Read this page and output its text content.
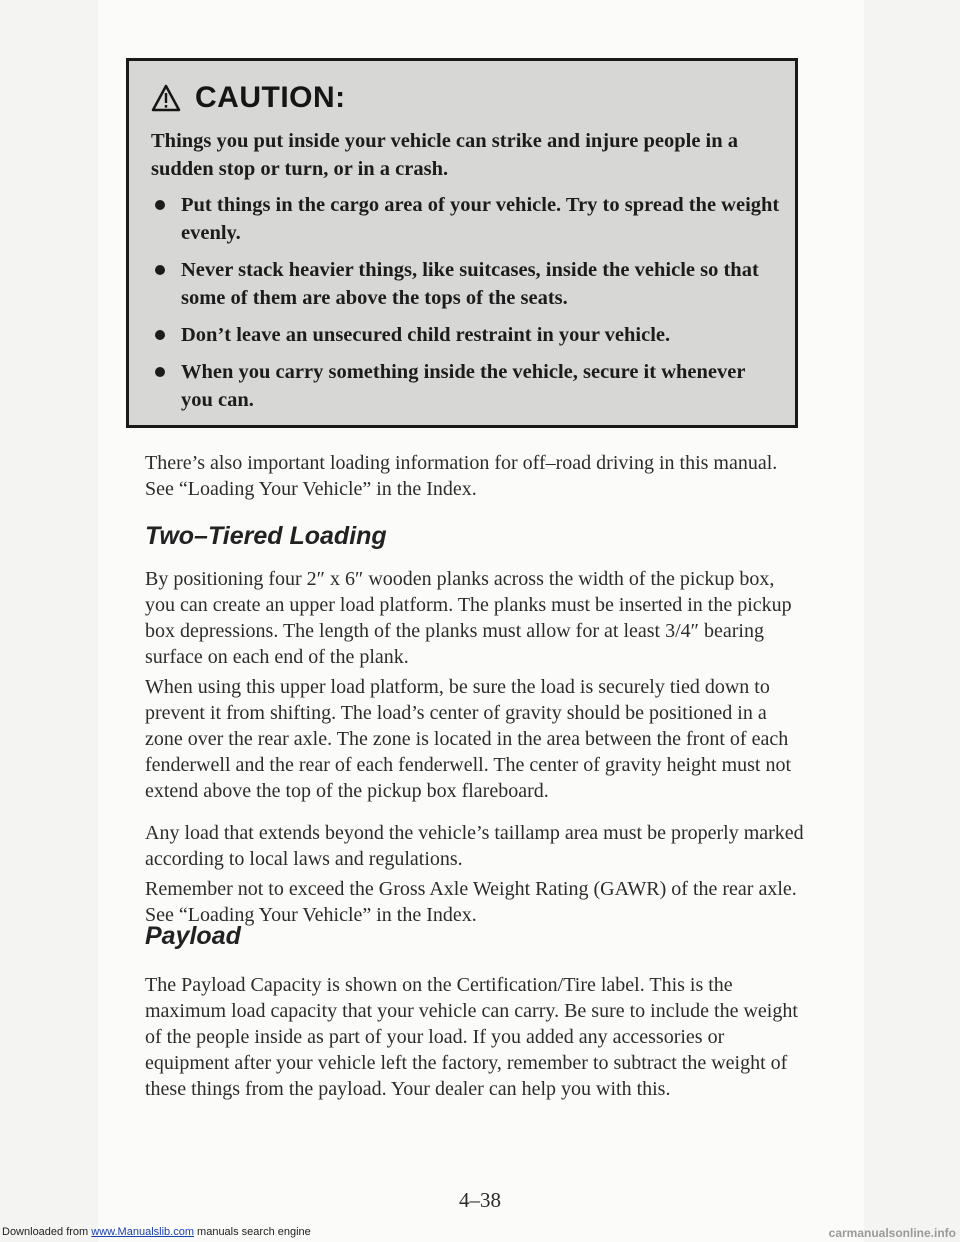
CAUTION:
Things you put inside your vehicle can strike and injure people in a sudden stop or turn, or in a crash.
Put things in the cargo area of your vehicle. Try to spread the weight evenly.
Never stack heavier things, like suitcases, inside the vehicle so that some of them are above the tops of the seats.
Don’t leave an unsecured child restraint in your vehicle.
When you carry something inside the vehicle, secure it whenever you can.

There’s also important loading information for off–road driving in this manual. See “Loading Your Vehicle” in the Index.

Two–Tiered Loading

By positioning four 2″ x 6″ wooden planks across the width of the pickup box, you can create an upper load platform. The planks must be inserted in the pickup box depressions. The length of the planks must allow for at least 3/4″ bearing surface on each end of the plank.

When using this upper load platform, be sure the load is securely tied down to prevent it from shifting. The load’s center of gravity should be positioned in a zone over the rear axle. The zone is located in the area between the front of each fenderwell and the rear of each fenderwell. The center of gravity height must not extend above the top of the pickup box flareboard.

Any load that extends beyond the vehicle’s taillamp area must be properly marked according to local laws and regulations.

Remember not to exceed the Gross Axle Weight Rating (GAWR) of the rear axle. See “Loading Your Vehicle” in the Index.

Payload

The Payload Capacity is shown on the Certification/Tire label. This is the maximum load capacity that your vehicle can carry. Be sure to include the weight of the people inside as part of your load. If you added any accessories or equipment after your vehicle left the factory, remember to subtract the weight of these things from the payload. Your dealer can help you with this.

4–38
Downloaded from www.Manualslib.com manuals search engine	carmanualsonline.info
